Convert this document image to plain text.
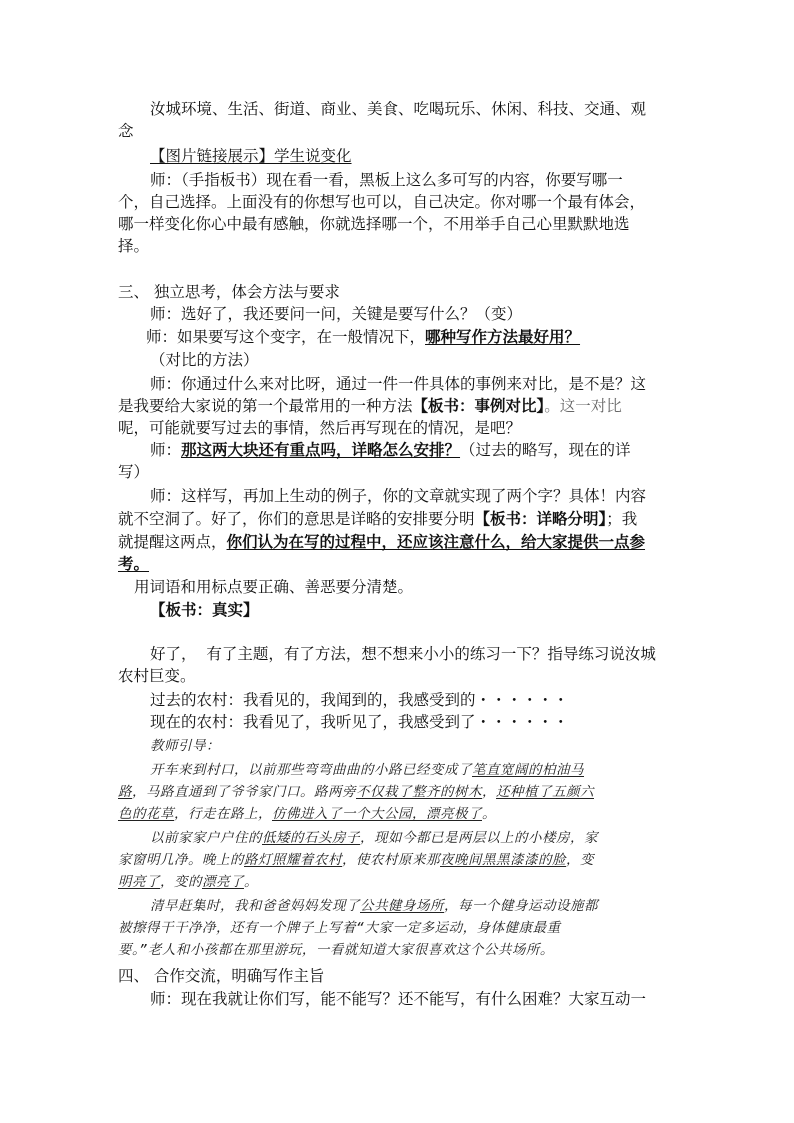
汝城环境、生活、街道、商业、美食、吃喝玩乐、休闲、科技、交通、观
念
【图片链接展示】学生说变化
师：（手指板书）现在看一看，黑板上这么多可写的内容，你要写哪一
个，自己选择。上面没有的你想写也可以，自己决定。你对哪一个最有体会，
哪一样变化你心中最有感触，你就选择哪一个，不用举手自己心里默默地选
择。
三、 独立思考，体会方法与要求
师：选好了，我还要问一问，关键是要写什么？（变）
师：如果要写这个变字，在一般情况下，哪种写作方法最好用？
（对比的方法）
师：你通过什么来对比呀，通过一件一件具体的事例来对比，是不是？这
是我要给大家说的第一个最常用的一种方法【板书：事例对比】。这一对比
呢，可能就要写过去的事情，然后再写现在的情况，是吧？
师：那这两大块还有重点吗，详略怎么安排？（过去的略写，现在的详
写）
师：这样写，再加上生动的例子，你的文章就实现了两个字？具体！内容
就不空洞了。好了，你们的意思是详略的安排要分明【板书：详略分明】；我
就提醒这两点，你们认为在写的过程中，还应该注意什么，给大家提供一点参
考。
用词语和用标点要正确、善恶要分清楚。
【板书：真实】
好了，  有了主题，有了方法，想不想来小小的练习一下？指导练习说汝城
农村巨变。
过去的农村：我看见的，我闻到的，我感受到的・・・・・・
现在的农村：我看见了，我听见了，我感受到了・・・・・・
教师引导：
开车来到村口，以前那些弯弯曲曲的小路已经变成了笔直宽阔的柏油马
路，马路直通到了爷爷家门口。路两旁不仅栽了整齐的树木，还种植了五颜六
色的花草，行走在路上，仿佛进入了一个大公园，漂亮极了。
以前家家户户住的低矮的石头房子，现如今都已是两层以上的小楼房，家
家窗明几净。晚上的路灯照耀着农村，使农村原来那夜晚间黑黑漆漆的脸，变
明亮了，变的漂亮了。
清早赶集时，我和爸爸妈妈发现了公共健身场所，每一个健身运动设施都
被擦得干干净净，还有一个牌子上写着“大家一定多运动，身体健康最重
要。”老人和小孩都在那里游玩，一看就知道大家很喜欢这个公共场所。
四、 合作交流，明确写作主旨
师：现在我就让你们写，能不能写？还不能写，有什么困难？大家互动一
